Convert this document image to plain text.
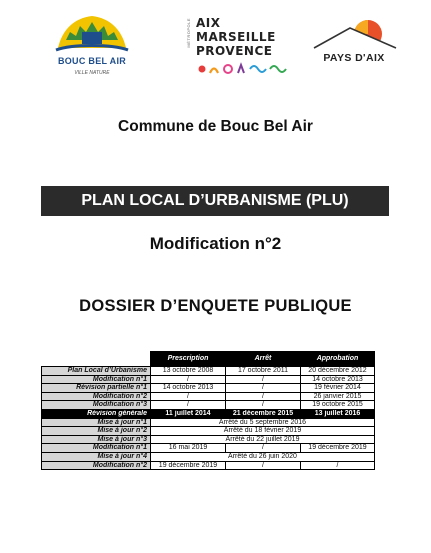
BOUC BEL AIR
VILLE NATURE
MÉTROPOLE AIX
MARSEILLE
PROVENCE	PAYS D'AIX
Commune de Bouc Bel Air
PLAN LOCAL D’URBANISME (PLU)
Modification n°2
DOSSIER D’ENQUETE PUBLIQUE
	Prescription	Arrêt	Approbation
Plan Local d’Urbanisme	13 octobre 2008	17 octobre 2011	20 décembre 2012
Modification n°1	/	/	14 octobre 2013
Révision partielle n°1	14 octobre 2013	/	19 février 2014
Modification n°2	/	/	26 janvier 2015
Modification n°3	/	/	19 octobre 2015
Révision générale	11 juillet 2014	21 décembre 2015	13 juillet 2016
Mise à jour n°1	Arrêté du 5 septembre 2016		
Mise à jour n°2	Arrêté du 18 février 2019		
Mise à jour n°3	Arrêté du 22 juillet 2019		
Modification n°1	16 mai 2019	/	19 décembre 2019
Mise à jour n°4	Arrêté du 26 juin 2020		
Modification n°2	19 décembre 2019	/	/
